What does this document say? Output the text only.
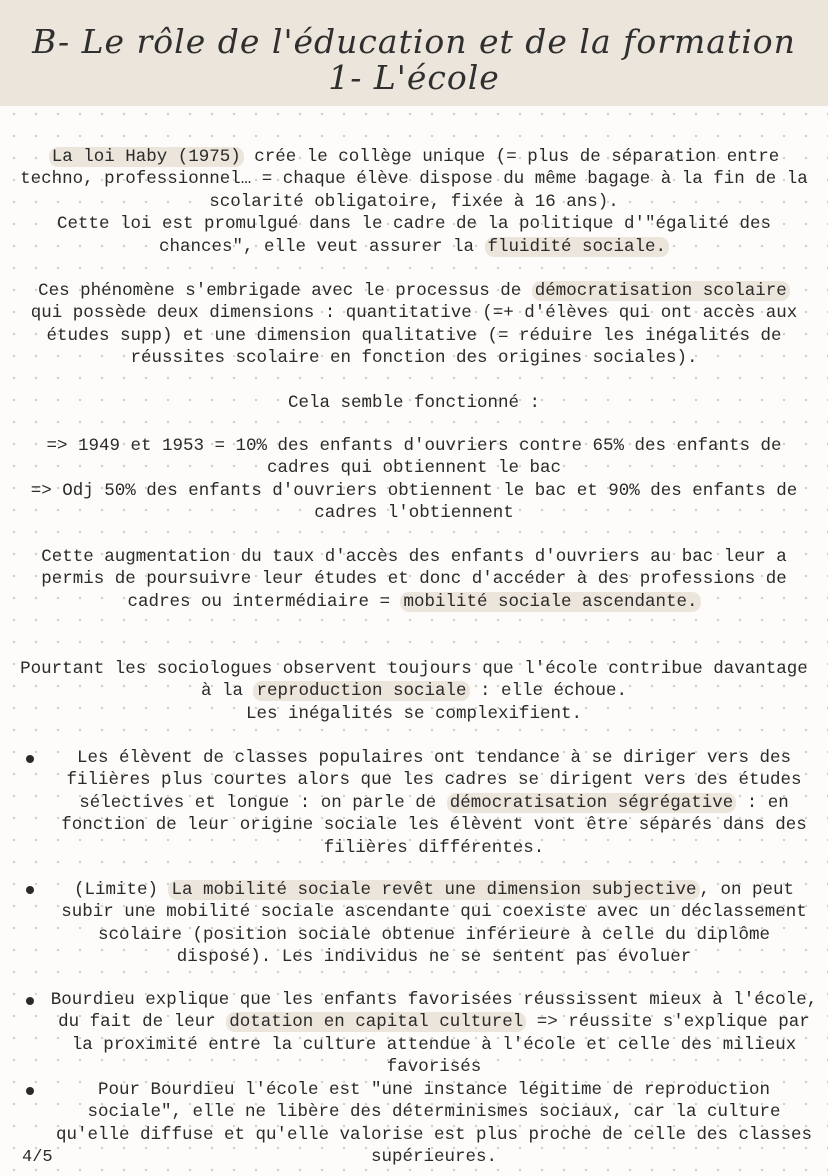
B- Le rôle de l'éducation et de la formation
1- L'école

La loi Haby (1975) crée le collège unique (= plus de séparation entre techno, professionnel… = chaque élève dispose du même bagage à la fin de la scolarité obligatoire, fixée à 16 ans).
Cette loi est promulgué dans le cadre de la politique d'"égalité des chances", elle veut assurer la fluidité sociale.

Ces phénomène s'embrigade avec le processus de démocratisation scolaire qui possède deux dimensions : quantitative (=+ d'élèves qui ont accès aux études supp) et une dimension qualitative (= réduire les inégalités de réussites scolaire en fonction des origines sociales).

Cela semble fonctionné :

=> 1949 et 1953 = 10% des enfants d'ouvriers contre 65% des enfants de cadres qui obtiennent le bac
=> Odj 50% des enfants d'ouvriers obtiennent le bac et 90% des enfants de cadres l'obtiennent

Cette augmentation du taux d'accès des enfants d'ouvriers au bac leur a permis de poursuivre leur études et donc d'accéder à des professions de cadres ou intermédiaire = mobilité sociale ascendante.

Pourtant les sociologues observent toujours que l'école contribue davantage à la reproduction sociale : elle échoue.
Les inégalités se complexifient.

Les élèvent de classes populaires ont tendance à se diriger vers des filières plus courtes alors que les cadres se dirigent vers des études sélectives et longue : on parle de démocratisation ségrégative : en fonction de leur origine sociale les élèvent vont être séparés dans des filières différentes.

(Limite) La mobilité sociale revêt une dimension subjective , on peut subir une mobilité sociale ascendante qui coexiste avec un déclassement scolaire (position sociale obtenue inférieure à celle du diplôme disposé). Les individus ne se sentent pas évoluer

Bourdieu explique que les enfants favorisées réussissent mieux à l'école, du fait de leur dotation en capital culturel => réussite s'explique par la proximité entre la culture attendue à l'école et celle des milieux favorisés

Pour Bourdieu l'école est "une instance légitime de reproduction sociale", elle ne libère des déterminismes sociaux, car la culture qu'elle diffuse et qu'elle valorise est plus proche de celle des classes supérieures.

4/5
